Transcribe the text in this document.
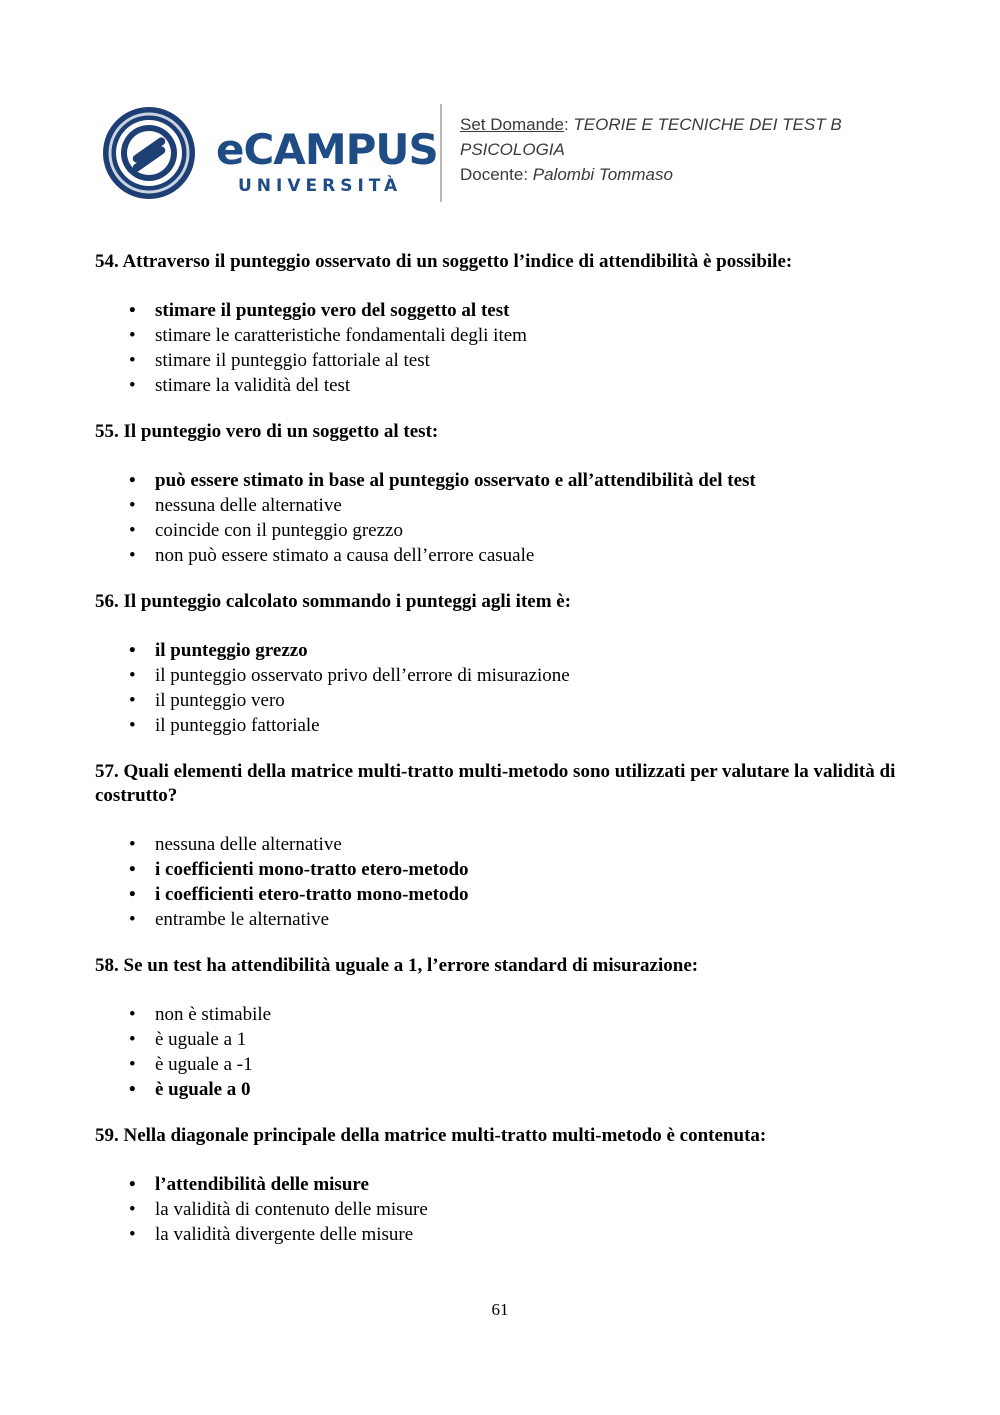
eCAMPUS
UNIVERSITÀ
Set Domande: TEORIE E TECNICHE DEI TEST B
PSICOLOGIA
Docente: Palombi Tommaso
54. Attraverso il punteggio osservato di un soggetto l’indice di attendibilità è possibile:
• stimare il punteggio vero del soggetto al test
• stimare le caratteristiche fondamentali degli item
• stimare il punteggio fattoriale al test
• stimare la validità del test
55. Il punteggio vero di un soggetto al test:
• può essere stimato in base al punteggio osservato e all’attendibilità del test
• nessuna delle alternative
• coincide con il punteggio grezzo
• non può essere stimato a causa dell’errore casuale
56. Il punteggio calcolato sommando i punteggi agli item è:
• il punteggio grezzo
• il punteggio osservato privo dell’errore di misurazione
• il punteggio vero
• il punteggio fattoriale
57. Quali elementi della matrice multi-tratto multi-metodo sono utilizzati per valutare la validità di costrutto?
• nessuna delle alternative
• i coefficienti mono-tratto etero-metodo
• i coefficienti etero-tratto mono-metodo
• entrambe le alternative
58. Se un test ha attendibilità uguale a 1, l’errore standard di misurazione:
• non è stimabile
• è uguale a 1
• è uguale a -1
• è uguale a 0
59. Nella diagonale principale della matrice multi-tratto multi-metodo è contenuta:
• l’attendibilità delle misure
• la validità di contenuto delle misure
• la validità divergente delle misure
61
